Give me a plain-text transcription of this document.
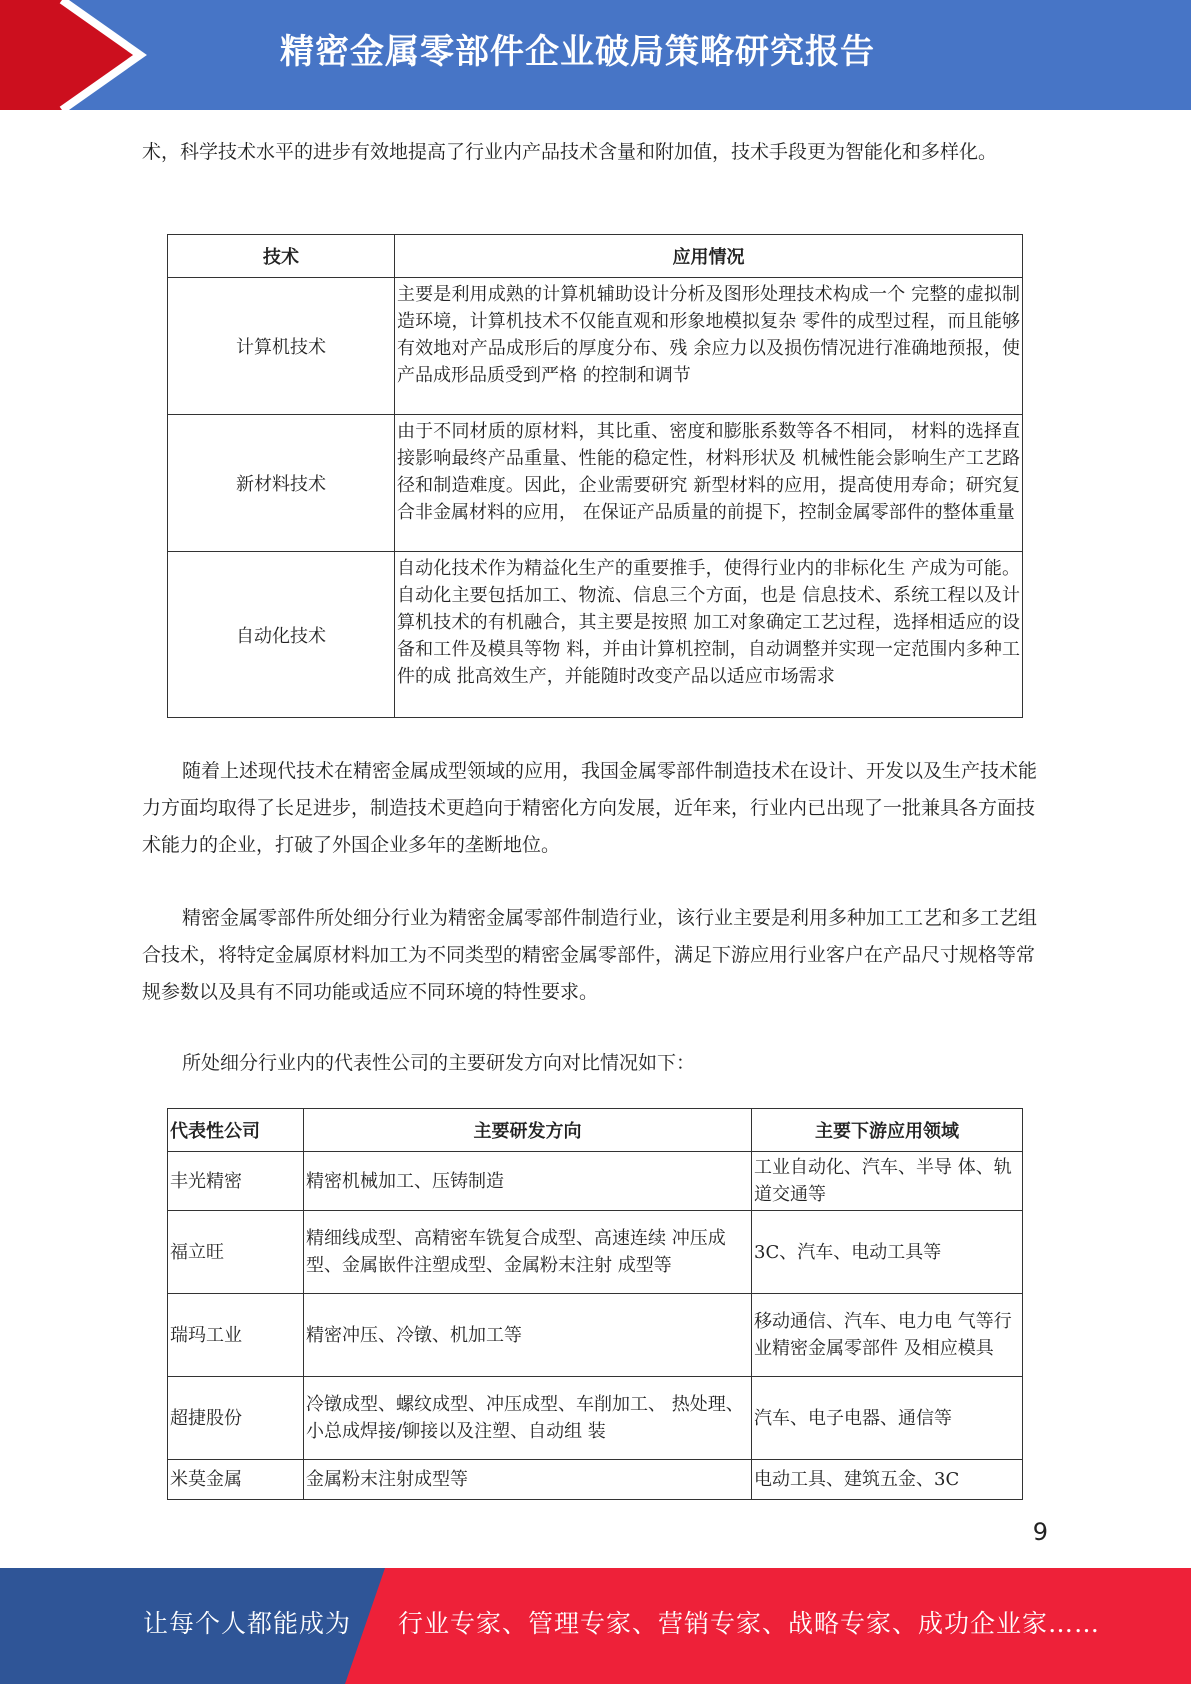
精密金属零部件企业破局策略研究报告
术，科学技术水平的进步有效地提高了行业内产品技术含量和附加值，技术手段更为智能化和多样化。
技术	应用情况
计算机技术	主要是利用成熟的计算机辅助设计分析及图形处理技术构成一个 完整的虚拟制造环境，计算机技术不仅能直观和形象地模拟复杂 零件的成型过程，而且能够有效地对产品成形后的厚度分布、残 余应力以及损伤情况进行准确地预报，使产品成形品质受到严格 的控制和调节
新材料技术	由于不同材质的原材料，其比重、密度和膨胀系数等各不相同， 材料的选择直接影响最终产品重量、性能的稳定性，材料形状及 机械性能会影响生产工艺路径和制造难度。因此，企业需要研究 新型材料的应用，提高使用寿命；研究复合非金属材料的应用， 在保证产品质量的前提下，控制金属零部件的整体重量
自动化技术	自动化技术作为精益化生产的重要推手，使得行业内的非标化生 产成为可能。自动化主要包括加工、物流、信息三个方面，也是 信息技术、系统工程以及计算机技术的有机融合，其主要是按照 加工对象确定工艺过程，选择相适应的设备和工件及模具等物 料，并由计算机控制，自动调整并实现一定范围内多种工件的成 批高效生产，并能随时改变产品以适应市场需求
随着上述现代技术在精密金属成型领域的应用，我国金属零部件制造技术在设计、开发以及生产技术能力方面均取得了长足进步，制造技术更趋向于精密化方向发展，近年来，行业内已出现了一批兼具各方面技术能力的企业，打破了外国企业多年的垄断地位。
精密金属零部件所处细分行业为精密金属零部件制造行业，该行业主要是利用多种加工工艺和多工艺组合技术，将特定金属原材料加工为不同类型的精密金属零部件，满足下游应用行业客户在产品尺寸规格等常规参数以及具有不同功能或适应不同环境的特性要求。
所处细分行业内的代表性公司的主要研发方向对比情况如下：
代表性公司	主要研发方向	主要下游应用领域
丰光精密	精密机械加工、压铸制造	工业自动化、汽车、半导 体、轨道交通等
福立旺	精细线成型、高精密车铣复合成型、高速连续 冲压成型、金属嵌件注塑成型、金属粉末注射 成型等	3C、汽车、电动工具等
瑞玛工业	精密冲压、冷镦、机加工等	移动通信、汽车、电力电 气等行业精密金属零部件 及相应模具
超捷股份	冷镦成型、螺纹成型、冲压成型、车削加工、 热处理、小总成焊接/铆接以及注塑、自动组 装	汽车、电子电器、通信等
米莫金属	金属粉末注射成型等	电动工具、建筑五金、3C
9
让每个人都能成为 行业专家、管理专家、营销专家、战略专家、成功企业家……
